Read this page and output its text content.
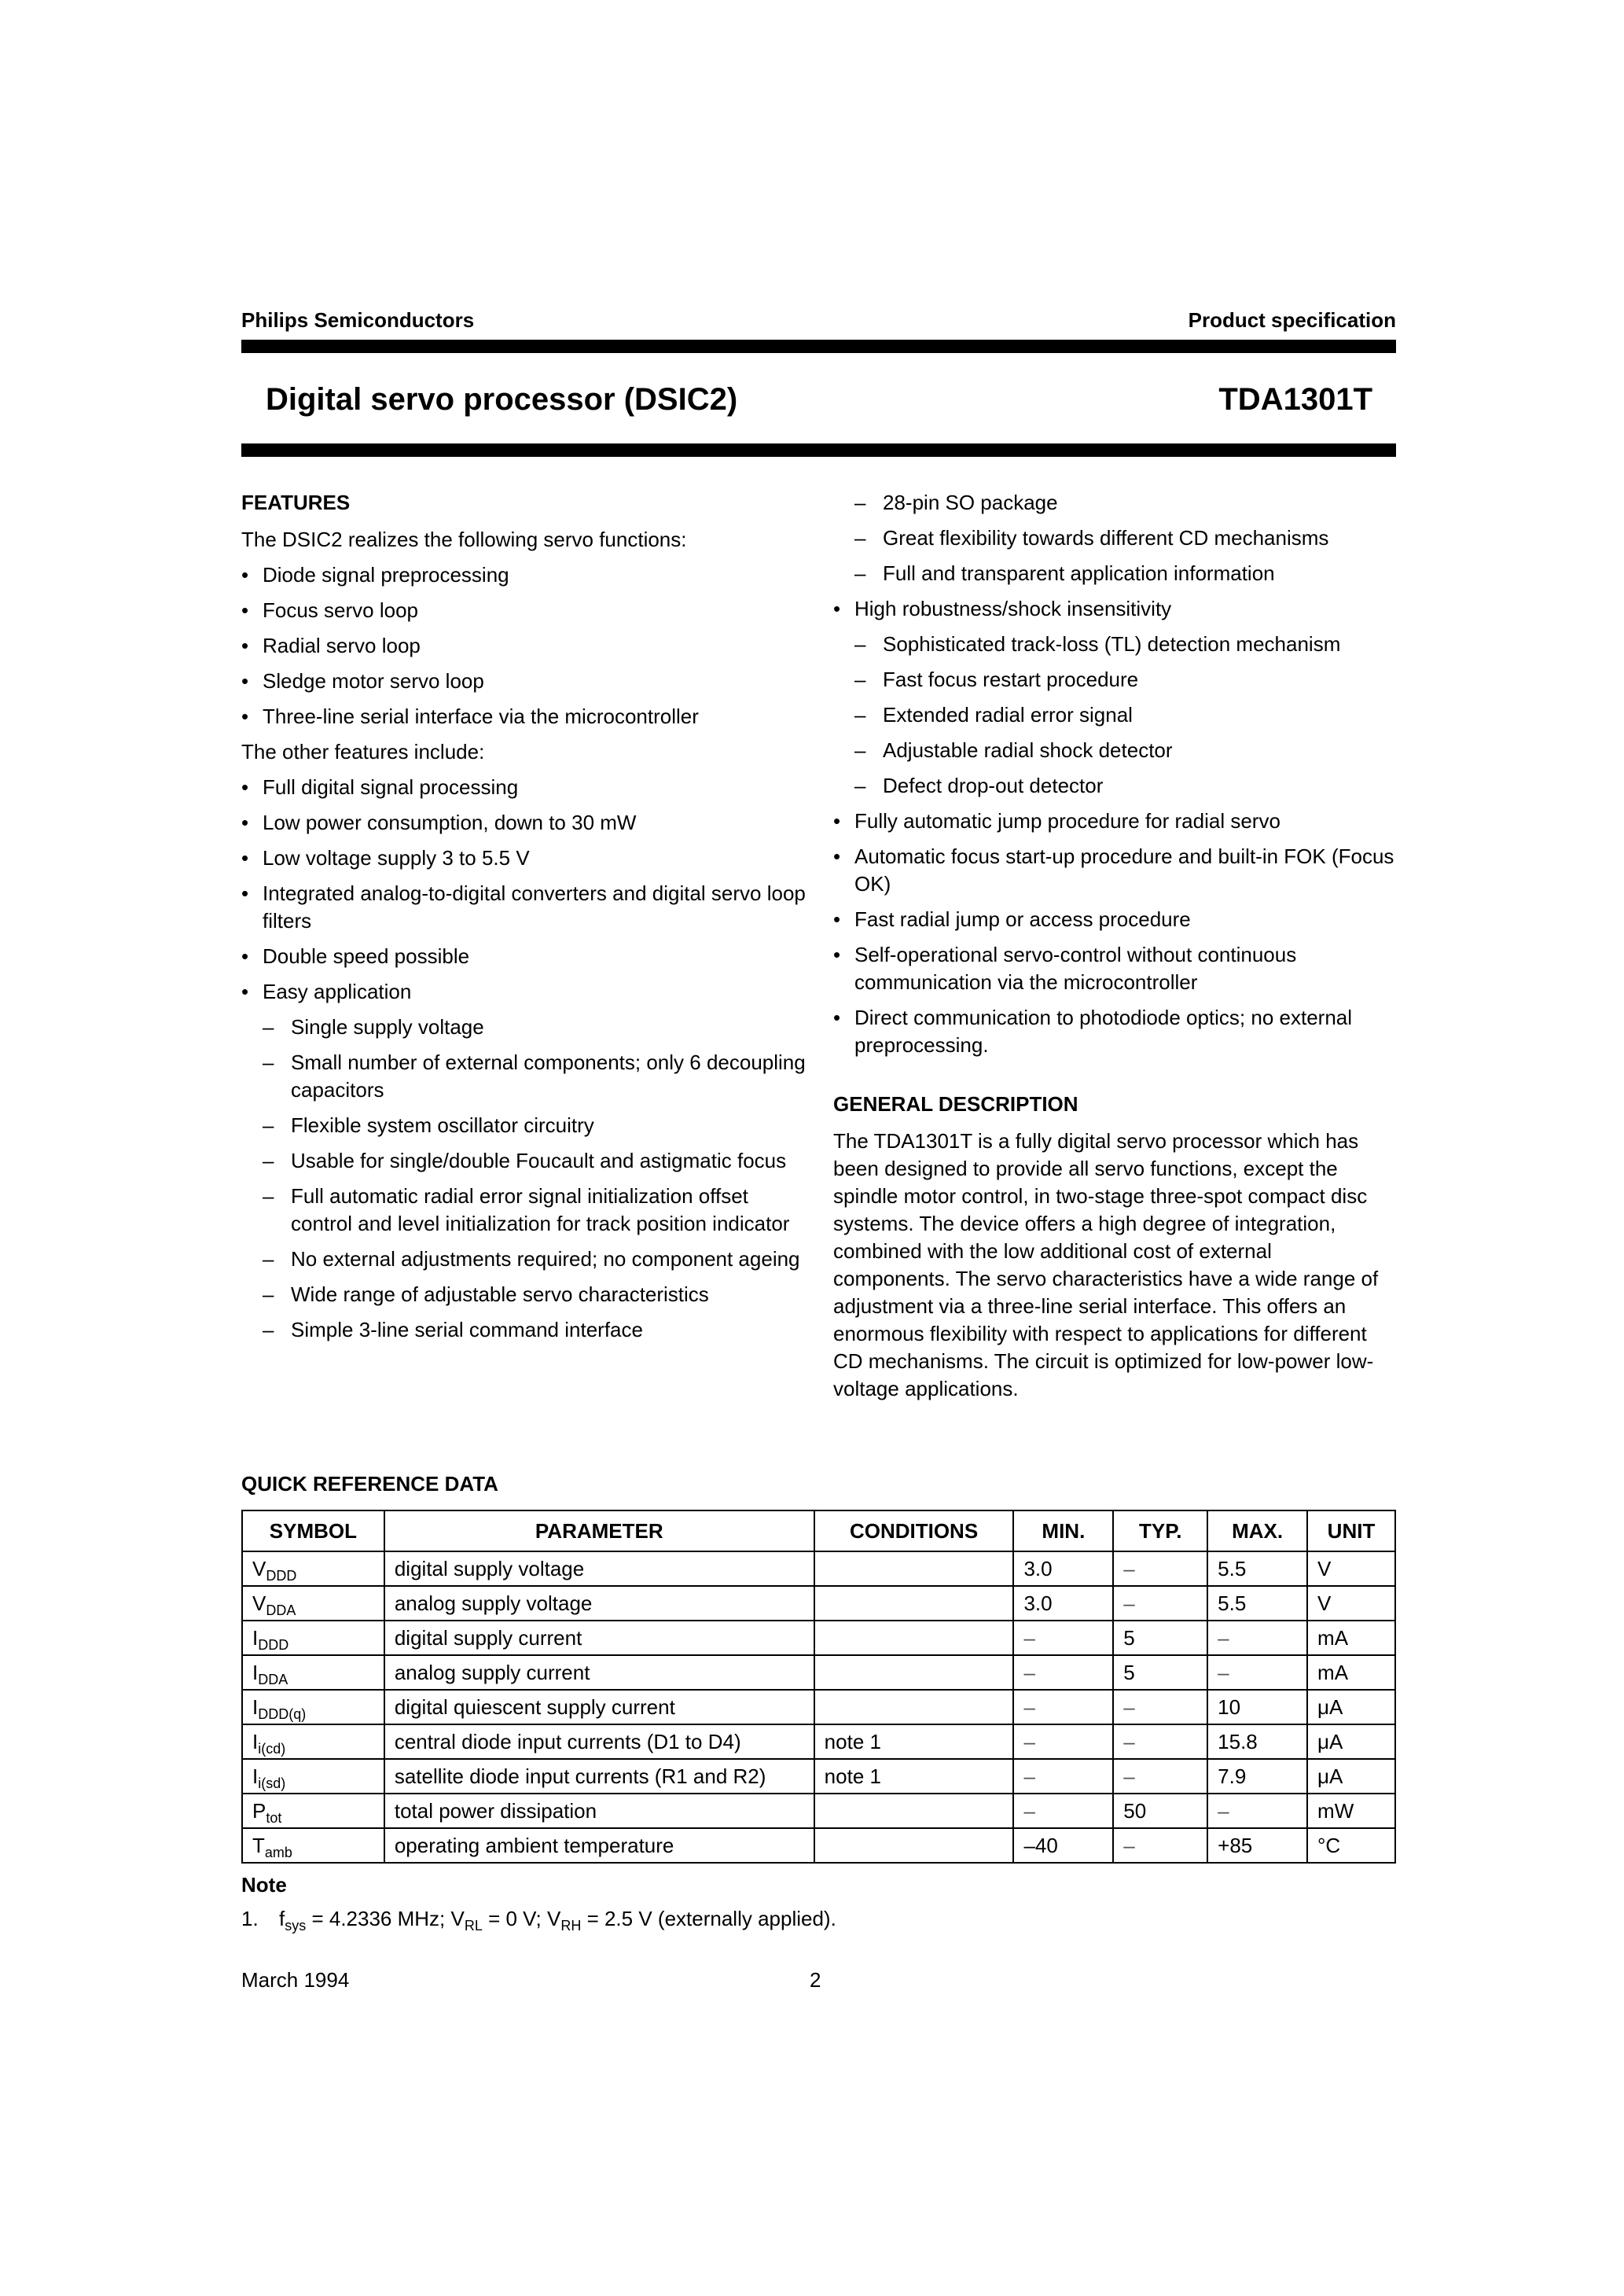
Philips Semiconductors	Product specification
Digital servo processor (DSIC2)	TDA1301T
FEATURES

The DSIC2 realizes the following servo functions:

• Diode signal preprocessing
• Focus servo loop
• Radial servo loop
• Sledge motor servo loop
• Three-line serial interface via the microcontroller

The other features include:

• Full digital signal processing
• Low power consumption, down to 30 mW
• Low voltage supply 3 to 5.5 V
• Integrated analog-to-digital converters and digital servo loop filters
• Double speed possible
• Easy application
– Single supply voltage
– Small number of external components; only 6 decoupling capacitors
– Flexible system oscillator circuitry
– Usable for single/double Foucault and astigmatic focus
– Full automatic radial error signal initialization offset control and level initialization for track position indicator
– No external adjustments required; no component ageing
– Wide range of adjustable servo characteristics
– Simple 3-line serial command interface
– 28-pin SO package
– Great flexibility towards different CD mechanisms
– Full and transparent application information
• High robustness/shock insensitivity
– Sophisticated track-loss (TL) detection mechanism
– Fast focus restart procedure
– Extended radial error signal
– Adjustable radial shock detector
– Defect drop-out detector
• Fully automatic jump procedure for radial servo
• Automatic focus start-up procedure and built-in FOK (Focus OK)
• Fast radial jump or access procedure
• Self-operational servo-control without continuous communication via the microcontroller
• Direct communication to photodiode optics; no external preprocessing.
GENERAL DESCRIPTION

The TDA1301T is a fully digital servo processor which has been designed to provide all servo functions, except the spindle motor control, in two-stage three-spot compact disc systems. The device offers a high degree of integration, combined with the low additional cost of external components. The servo characteristics have a wide range of adjustment via a three-line serial interface. This offers an enormous flexibility with respect to applications for different CD mechanisms. The circuit is optimized for low-power low-voltage applications.

QUICK REFERENCE DATA
SYMBOL	PARAMETER	CONDITIONS	MIN.	TYP.	MAX.	UNIT
$V_{DDD}$	digital supply voltage		3.0	–	5.5	V
$V_{DDA}$	analog supply voltage		3.0	–	5.5	V
$I_{DDD}$	digital supply current		–	5	–	mA
$I_{DDA}$	analog supply current		–	5	–	mA
$I_{DDD(q)}$	digital quiescent supply current		–	–	10	μA
$I_{i(cd)}$	central diode input currents (D1 to D4)	note 1	–	–	15.8	μA
$I_{i(sd)}$	satellite diode input currents (R1 and R2)	note 1	–	–	7.9	μA
$P_{tot}$	total power dissipation		–	50	–	mW
$T_{amb}$	operating ambient temperature		–40	–	+85	°C
Note
1. $f_{sys} = 4.2336$ MHz; $V_{RL} = 0$ V; $V_{RH} = 2.5$ V (externally applied).
March 1994	2
